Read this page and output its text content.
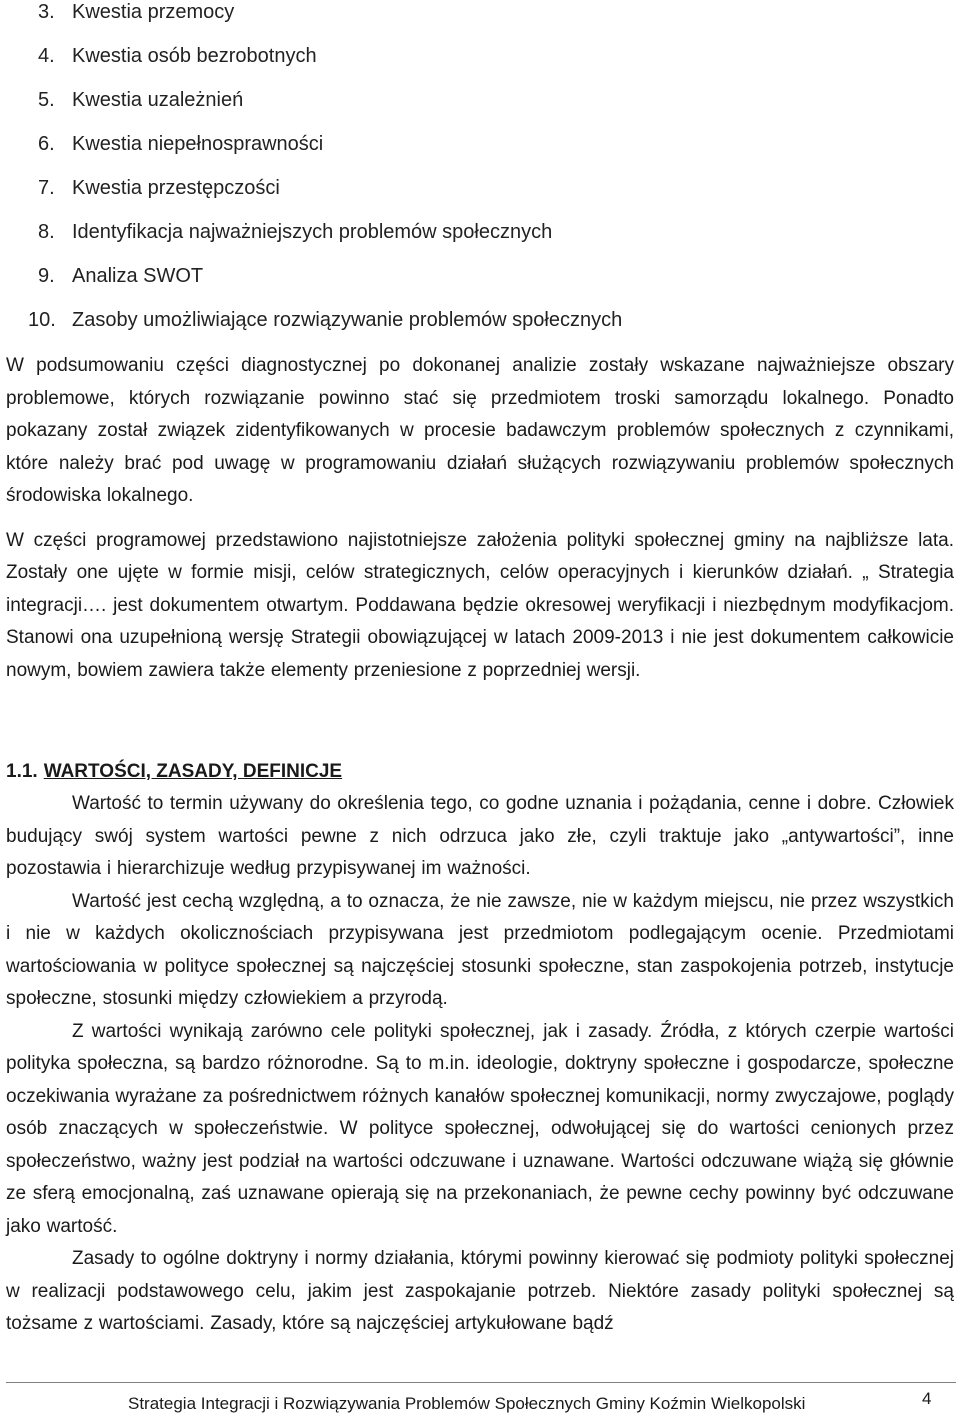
3. Kwestia przemocy
4. Kwestia osób bezrobotnych
5. Kwestia uzależnień
6. Kwestia niepełnosprawności
7. Kwestia przestępczości
8. Identyfikacja najważniejszych problemów społecznych
9. Analiza SWOT
10. Zasoby umożliwiające rozwiązywanie problemów społecznych

W podsumowaniu części diagnostycznej po dokonanej analizie zostały wskazane najważniejsze obszary problemowe, których rozwiązanie powinno stać się przedmiotem troski samorządu lokalnego. Ponadto pokazany został związek zidentyfikowanych w procesie badawczym problemów społecznych z czynnikami, które należy brać pod uwagę w programowaniu działań służących rozwiązywaniu problemów społecznych środowiska lokalnego.

W części programowej przedstawiono najistotniejsze założenia polityki społecznej gminy na najbliższe lata. Zostały one ujęte w formie misji, celów strategicznych, celów operacyjnych i kierunków działań. „ Strategia integracji…. jest dokumentem otwartym. Poddawana będzie okresowej weryfikacji i niezbędnym modyfikacjom. Stanowi ona uzupełnioną wersję Strategii obowiązującej w latach 2009-2013 i nie jest dokumentem całkowicie nowym, bowiem zawiera także elementy przeniesione z poprzedniej wersji.

1.1. WARTOŚCI, ZASADY, DEFINICJE

Wartość to termin używany do określenia tego, co godne uznania i pożądania, cenne i dobre. Człowiek budujący swój system wartości pewne z nich odrzuca jako złe, czyli traktuje jako „antywartości”, inne pozostawia i hierarchizuje według przypisywanej im ważności.

Wartość jest cechą względną, a to oznacza, że nie zawsze, nie w każdym miejscu, nie przez wszystkich i nie w każdych okolicznościach przypisywana jest przedmiotom podlegającym ocenie. Przedmiotami wartościowania w polityce społecznej są najczęściej stosunki społeczne, stan zaspokojenia potrzeb, instytucje społeczne, stosunki między człowiekiem a przyrodą.

Z wartości wynikają zarówno cele polityki społecznej, jak i zasady. Źródła, z których czerpie wartości polityka społeczna, są bardzo różnorodne. Są to m.in. ideologie, doktryny społeczne i gospodarcze, społeczne oczekiwania wyrażane za pośrednictwem różnych kanałów społecznej komunikacji, normy zwyczajowe, poglądy osób znaczących w społeczeństwie. W polityce społecznej, odwołującej się do wartości cenionych przez społeczeństwo, ważny jest podział na wartości odczuwane i uznawane. Wartości odczuwane wiążą się głównie ze sferą emocjonalną, zaś uznawane opierają się na przekonaniach, że pewne cechy powinny być odczuwane jako wartość.

Zasady to ogólne doktryny i normy działania, którymi powinny kierować się podmioty polityki społecznej w realizacji podstawowego celu, jakim jest zaspokajanie potrzeb. Niektóre zasady polityki społecznej są tożsame z wartościami. Zasady, które są najczęściej artykułowane bądź

Strategia Integracji i Rozwiązywania Problemów Społecznych Gminy Koźmin Wielkopolski	4
